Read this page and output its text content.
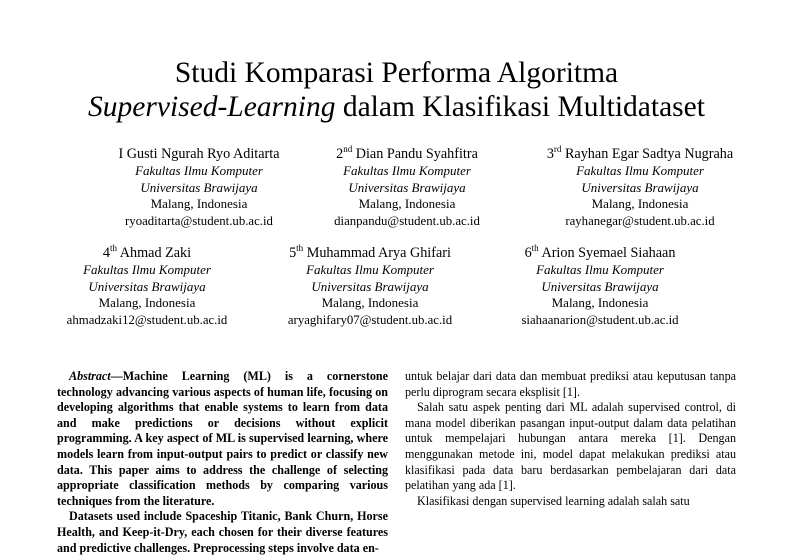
Studi Komparasi Performa Algoritma
Supervised-Learning dalam Klasifikasi Multidataset
I Gusti Ngurah Ryo Aditarta
Fakultas Ilmu Komputer
Universitas Brawijaya
Malang, Indonesia
ryoaditarta@student.ub.ac.id
2nd Dian Pandu Syahfitra
Fakultas Ilmu Komputer
Universitas Brawijaya
Malang, Indonesia
dianpandu@student.ub.ac.id
3rd Rayhan Egar Sadtya Nugraha
Fakultas Ilmu Komputer
Universitas Brawijaya
Malang, Indonesia
rayhanegar@student.ub.ac.id
4th Ahmad Zaki
Fakultas Ilmu Komputer
Universitas Brawijaya
Malang, Indonesia
ahmadzaki12@student.ub.ac.id
5th Muhammad Arya Ghifari
Fakultas Ilmu Komputer
Universitas Brawijaya
Malang, Indonesia
aryaghifary07@student.ub.ac.id
6th Arion Syemael Siahaan
Fakultas Ilmu Komputer
Universitas Brawijaya
Malang, Indonesia
siahaanarion@student.ub.ac.id

Abstract—Machine Learning (ML) is a cornerstone technology advancing various aspects of human life, focusing on developing algorithms that enable systems to learn from data and make predictions or decisions without explicit programming. A key aspect of ML is supervised learning, where models learn from input-output pairs to predict or classify new data. This paper aims to address the challenge of selecting appropriate classification methods by comparing various techniques from the literature.

Datasets used include Spaceship Titanic, Bank Churn, Horse Health, and Keep-it-Dry, each chosen for their diverse features and predictive challenges. Preprocessing steps involve data en-

untuk belajar dari data dan membuat prediksi atau keputusan tanpa perlu diprogram secara eksplisit [1].

Salah satu aspek penting dari ML adalah supervised control, di mana model diberikan pasangan input-output dalam data pelatihan untuk mempelajari hubungan antara mereka [1]. Dengan menggunakan metode ini, model dapat melakukan prediksi atau klasifikasi pada data baru berdasarkan pembelajaran dari data pelatihan yang ada [1].

Klasifikasi dengan supervised learning adalah salah satu
